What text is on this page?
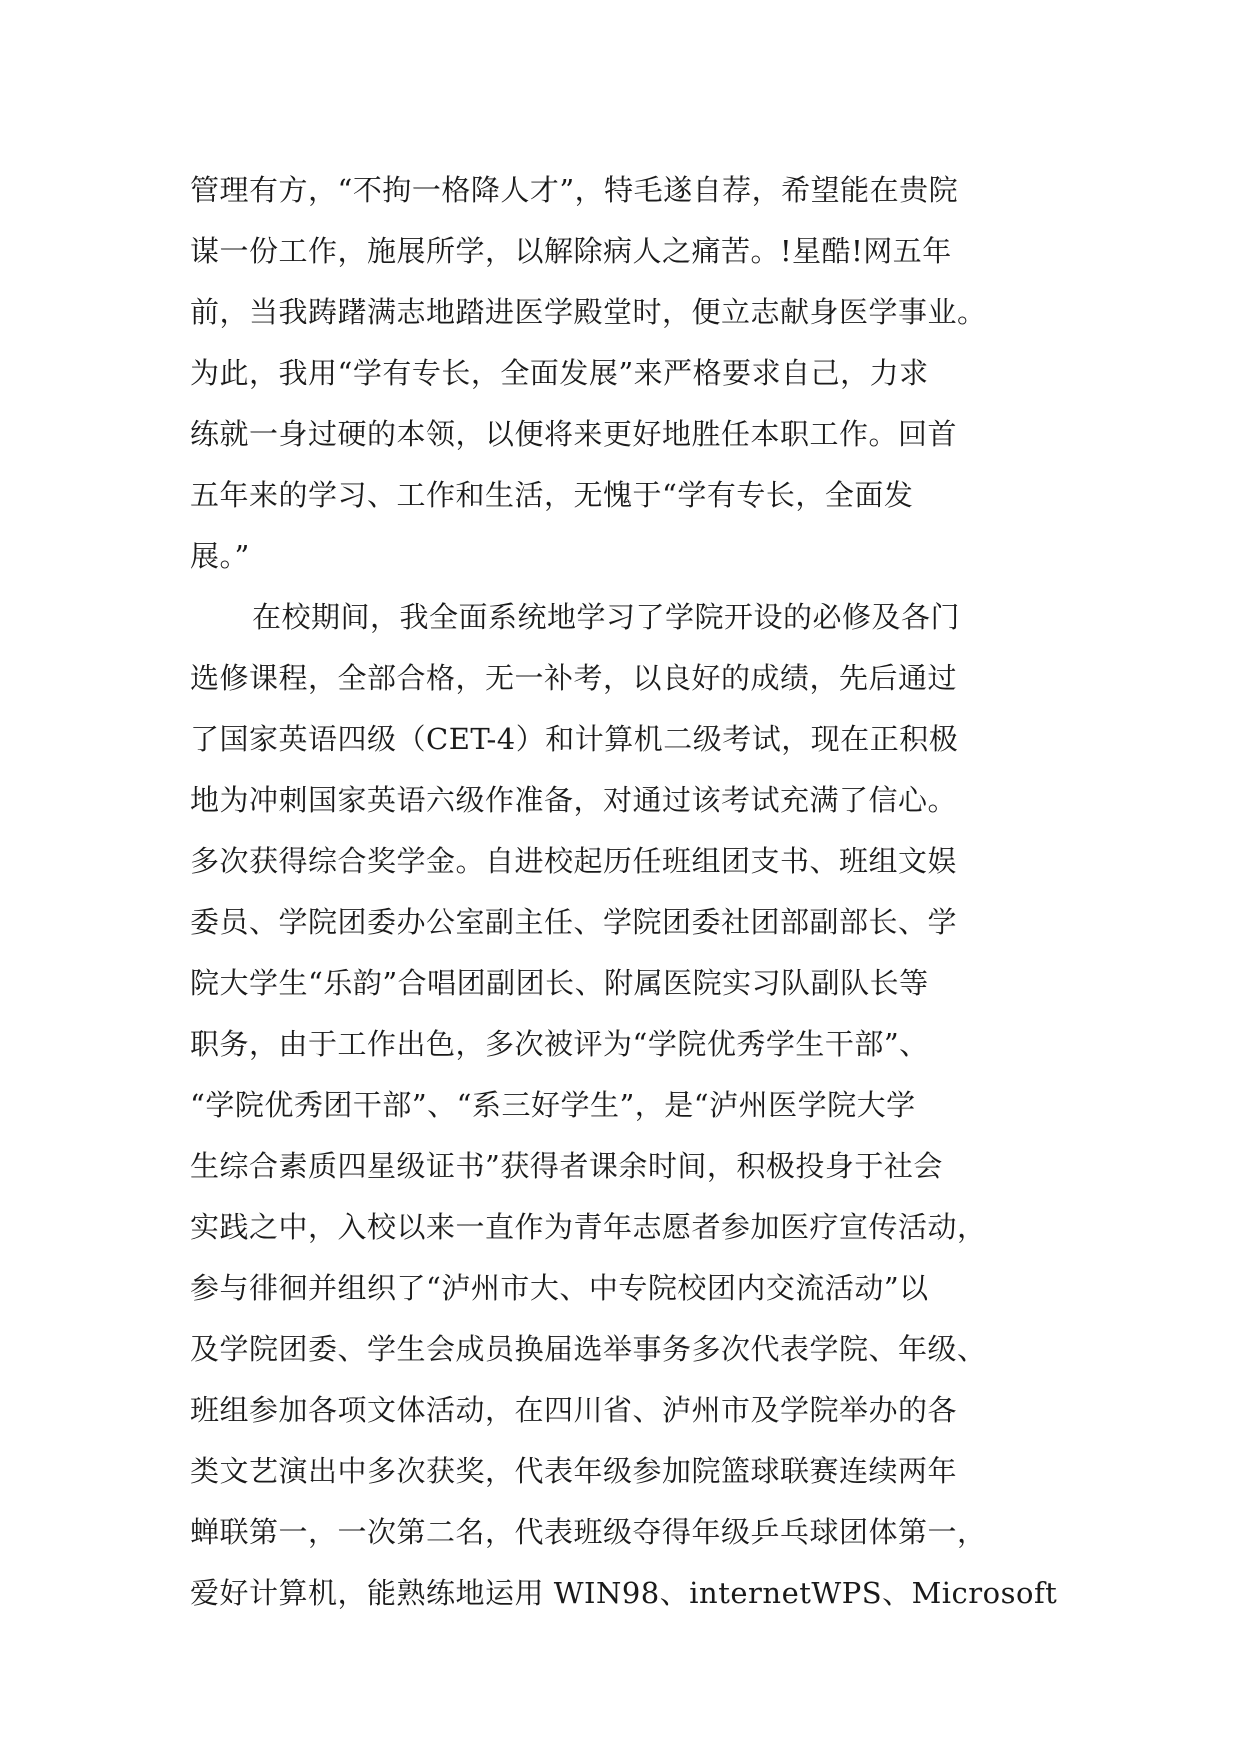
管理有方，“不拘一格降人才”，特毛遂自荐，希望能在贵院
谋一份工作，施展所学，以解除病人之痛苦。!星酷!网五年
前，当我踌躇满志地踏进医学殿堂时，便立志献身医学事业。
为此，我用“学有专长，全面发展”来严格要求自己，力求
练就一身过硬的本领，以便将来更好地胜任本职工作。回首
五年来的学习、工作和生活，无愧于“学有专长，全面发
展。”
在校期间，我全面系统地学习了学院开设的必修及各门
选修课程，全部合格，无一补考，以良好的成绩，先后通过
了国家英语四级（CET-4）和计算机二级考试，现在正积极
地为冲刺国家英语六级作准备，对通过该考试充满了信心。
多次获得综合奖学金。自进校起历任班组团支书、班组文娱
委员、学院团委办公室副主任、学院团委社团部副部长、学
院大学生“乐韵”合唱团副团长、附属医院实习队副队长等
职务，由于工作出色，多次被评为“学院优秀学生干部”、
“学院优秀团干部”、“系三好学生”，是“泸州医学院大学
生综合素质四星级证书”获得者课余时间，积极投身于社会
实践之中，入校以来一直作为青年志愿者参加医疗宣传活动，
参与徘徊并组织了“泸州市大、中专院校团内交流活动”以
及学院团委、学生会成员换届选举事务多次代表学院、年级、
班组参加各项文体活动，在四川省、泸州市及学院举办的各
类文艺演出中多次获奖，代表年级参加院篮球联赛连续两年
蝉联第一，一次第二名，代表班级夺得年级乒乓球团体第一，
爱好计算机，能熟练地运用 WIN98、internetWPS、Microsoft
